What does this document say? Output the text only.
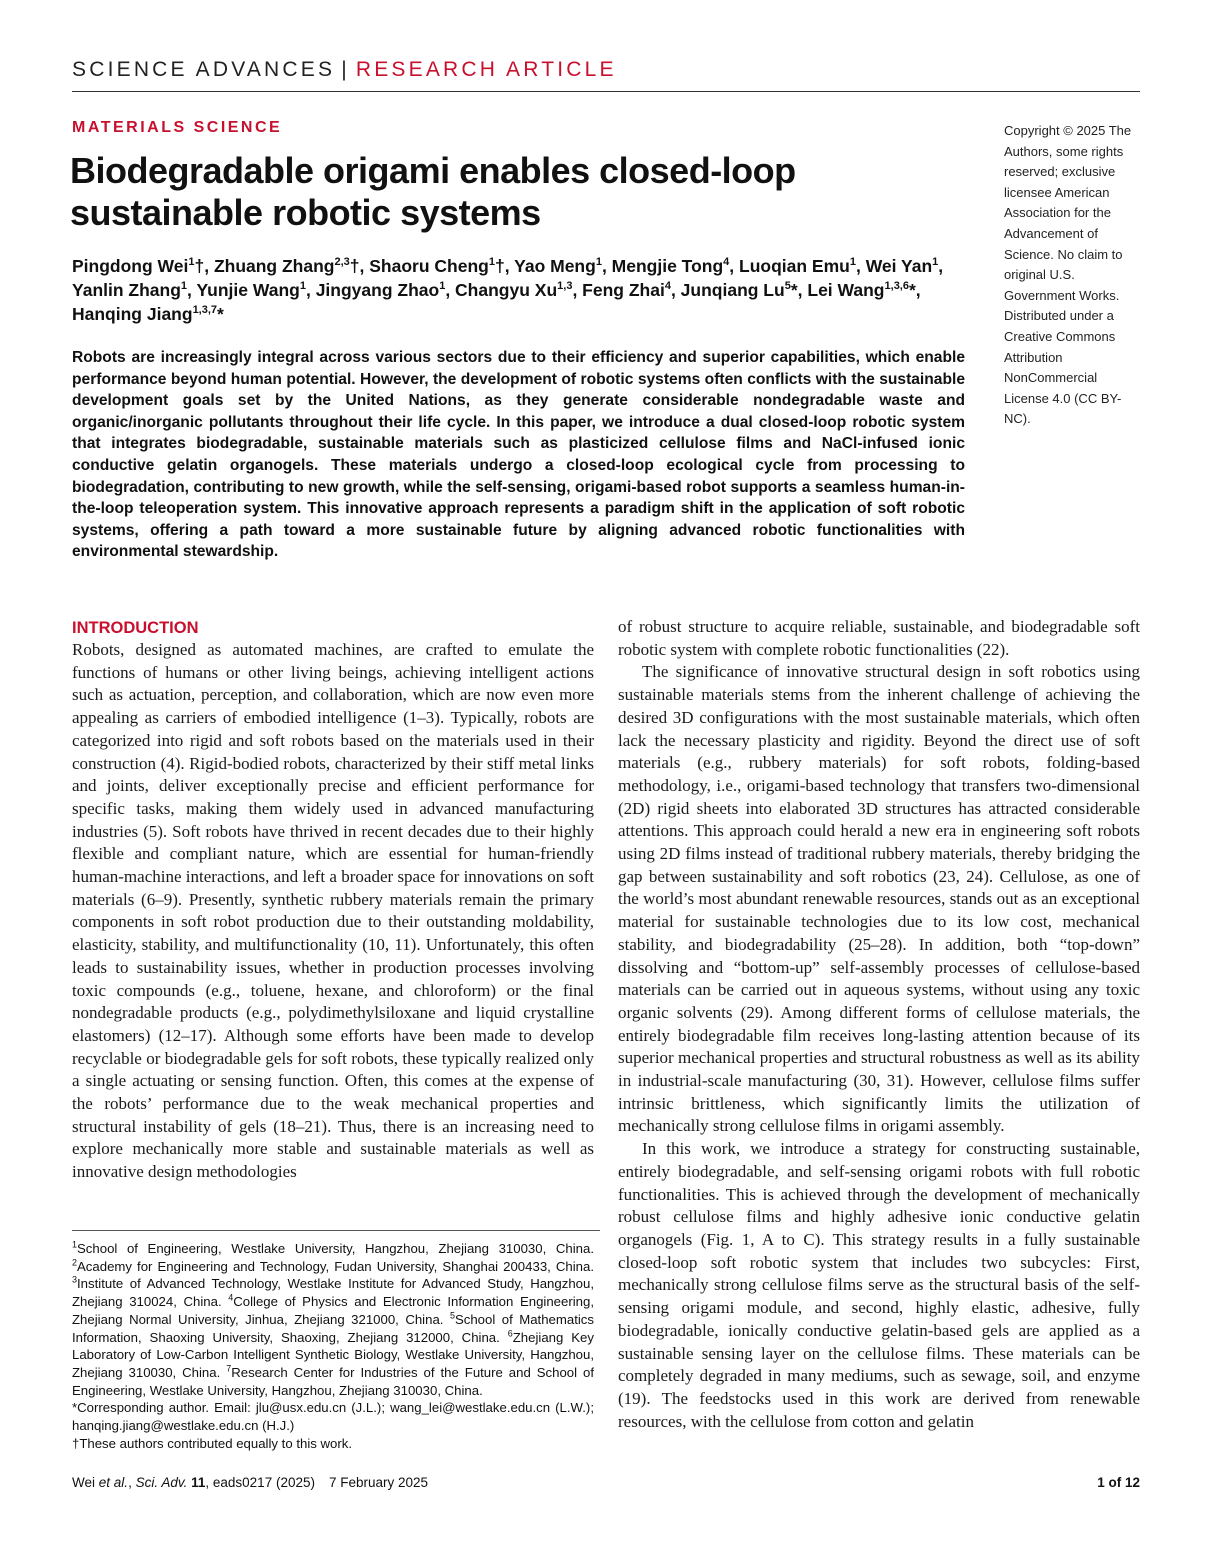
SCIENCE ADVANCES | RESEARCH ARTICLE
MATERIALS SCIENCE
Biodegradable origami enables closed-loop sustainable robotic systems
Pingdong Wei$^1$†, Zhuang Zhang$^{2,3}$†, Shaoru Cheng$^1$†, Yao Meng$^1$, Mengjie Tong$^4$, Luoqian Emu$^1$, Wei Yan$^1$, Yanlin Zhang$^1$, Yunjie Wang$^1$, Jingyang Zhao$^1$, Changyu Xu$^{1,3}$, Feng Zhai$^4$, Junqiang Lu$^5$*, Lei Wang$^{1,3,6}$*, Hanqing Jiang$^{1,3,7}$*
Copyright © 2025 The Authors, some rights reserved; exclusive licensee American Association for the Advancement of Science. No claim to original U.S. Government Works. Distributed under a Creative Commons Attribution NonCommercial License 4.0 (CC BY-NC).

Robots are increasingly integral across various sectors due to their efficiency and superior capabilities, which enable performance beyond human potential. However, the development of robotic systems often conflicts with the sustainable development goals set by the United Nations, as they generate considerable nondegradable waste and organic/inorganic pollutants throughout their life cycle. In this paper, we introduce a dual closed-loop robotic system that integrates biodegradable, sustainable materials such as plasticized cellulose films and NaCl-infused ionic conductive gelatin organogels. These materials undergo a closed-loop ecological cycle from processing to biodegradation, contributing to new growth, while the self-sensing, origami-based robot supports a seamless human-in-the-loop teleoperation system. This innovative approach represents a paradigm shift in the application of soft robotic systems, offering a path toward a more sustainable future by aligning advanced robotic functionalities with environmental stewardship.

INTRODUCTION

Robots, designed as automated machines, are crafted to emulate the functions of humans or other living beings, achieving intelligent actions such as actuation, perception, and collaboration, which are now even more appealing as carriers of embodied intelligence (1–3). Typically, robots are categorized into rigid and soft robots based on the materials used in their construction (4). Rigid-bodied robots, characterized by their stiff metal links and joints, deliver exceptionally precise and efficient performance for specific tasks, making them widely used in advanced manufacturing industries (5). Soft robots have thrived in recent decades due to their highly flexible and compliant nature, which are essential for human-friendly human-machine interactions, and left a broader space for innovations on soft materials (6–9). Presently, synthetic rubbery materials remain the primary components in soft robot production due to their outstanding moldability, elasticity, stability, and multifunctionality (10, 11). Unfortunately, this often leads to sustainability issues, whether in production processes involving toxic compounds (e.g., toluene, hexane, and chloroform) or the final nondegradable products (e.g., polydimethylsiloxane and liquid crystalline elastomers) (12–17). Although some efforts have been made to develop recyclable or biodegradable gels for soft robots, these typically realized only a single actuating or sensing function. Often, this comes at the expense of the robots’ performance due to the weak mechanical properties and structural instability of gels (18–21). Thus, there is an increasing need to explore mechanically more stable and sustainable materials as well as innovative design methodologies

of robust structure to acquire reliable, sustainable, and biodegradable soft robotic system with complete robotic functionalities (22).

The significance of innovative structural design in soft robotics using sustainable materials stems from the inherent challenge of achieving the desired 3D configurations with the most sustainable materials, which often lack the necessary plasticity and rigidity. Beyond the direct use of soft materials (e.g., rubbery materials) for soft robots, folding-based methodology, i.e., origami-based technology that transfers two-dimensional (2D) rigid sheets into elaborated 3D structures has attracted considerable attentions. This approach could herald a new era in engineering soft robots using 2D films instead of traditional rubbery materials, thereby bridging the gap between sustainability and soft robotics (23, 24). Cellulose, as one of the world’s most abundant renewable resources, stands out as an exceptional material for sustainable technologies due to its low cost, mechanical stability, and biodegradability (25–28). In addition, both “top-down” dissolving and “bottom-up” self-assembly processes of cellulose-based materials can be carried out in aqueous systems, without using any toxic organic solvents (29). Among different forms of cellulose materials, the entirely biodegradable film receives long-lasting attention because of its superior mechanical properties and structural robustness as well as its ability in industrial-scale manufacturing (30, 31). However, cellulose films suffer intrinsic brittleness, which significantly limits the utilization of mechanically strong cellulose films in origami assembly.

In this work, we introduce a strategy for constructing sustainable, entirely biodegradable, and self-sensing origami robots with full robotic functionalities. This is achieved through the development of mechanically robust cellulose films and highly adhesive ionic conductive gelatin organogels (Fig. 1, A to C). This strategy results in a fully sustainable closed-loop soft robotic system that includes two subcycles: First, mechanically strong cellulose films serve as the structural basis of the self-sensing origami module, and second, highly elastic, adhesive, fully biodegradable, ionically conductive gelatin-based gels are applied as a sustainable sensing layer on the cellulose films. These materials can be completely degraded in many mediums, such as sewage, soil, and enzyme (19). The feedstocks used in this work are derived from renewable resources, with the cellulose from cotton and gelatin

$^1$School of Engineering, Westlake University, Hangzhou, Zhejiang 310030, China. $^2$Academy for Engineering and Technology, Fudan University, Shanghai 200433, China. $^3$Institute of Advanced Technology, Westlake Institute for Advanced Study, Hangzhou, Zhejiang 310024, China. $^4$College of Physics and Electronic Information Engineering, Zhejiang Normal University, Jinhua, Zhejiang 321000, China. $^5$School of Mathematics Information, Shaoxing University, Shaoxing, Zhejiang 312000, China. $^6$Zhejiang Key Laboratory of Low-Carbon Intelligent Synthetic Biology, Westlake University, Hangzhou, Zhejiang 310030, China. $^7$Research Center for Industries of the Future and School of Engineering, Westlake University, Hangzhou, Zhejiang 310030, China.

*Corresponding author. Email: jlu@usx.edu.cn (J.L.); wang_lei@westlake.edu.cn (L.W.); hanqing.jiang@westlake.edu.cn (H.J.)

†These authors contributed equally to this work.

Wei et al., Sci. Adv. 11, eads0217 (2025) 7 February 2025	1 of 12
